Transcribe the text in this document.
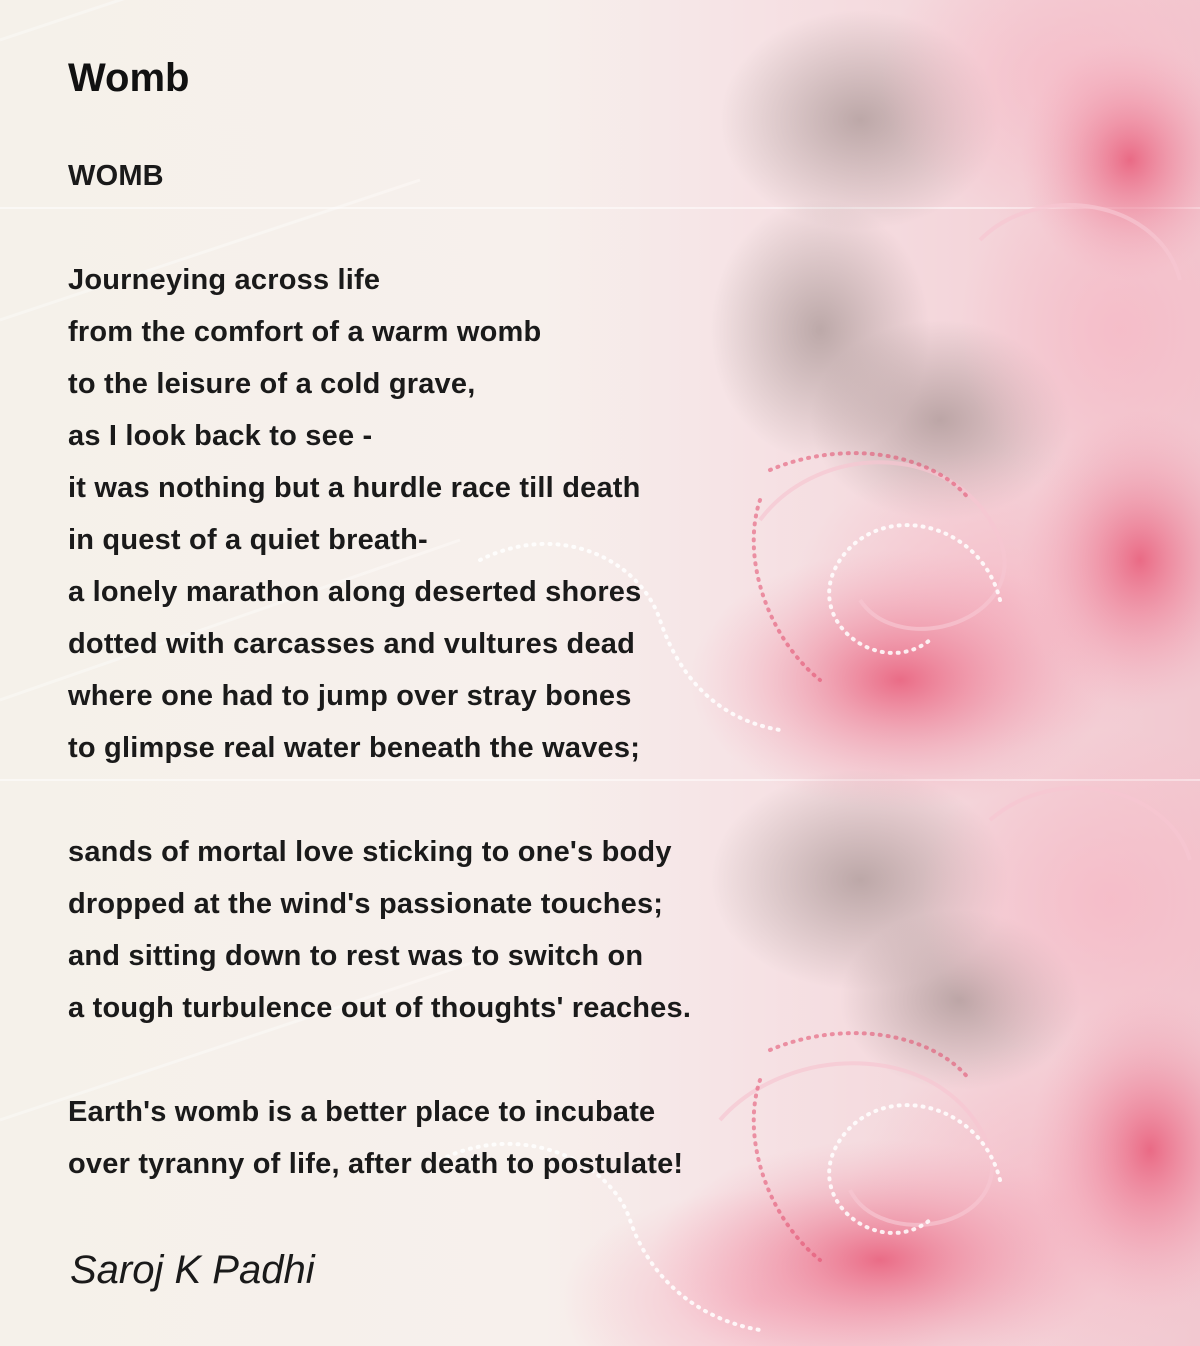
Womb
WOMB
Journeying across life
from the comfort of a warm womb
to the leisure of a cold grave,
as I look back to see -
it was nothing but a hurdle race till death
in quest of a quiet breath-
a lonely marathon along deserted shores
dotted with carcasses and vultures dead
where one had to jump over stray bones
to glimpse real water beneath the waves;
sands of mortal love sticking to one's body
dropped at the wind's passionate touches;
and sitting down to rest was to switch on
a tough turbulence out of thoughts' reaches.
Earth's womb is a better place to incubate
over tyranny of life, after death to postulate!

Saroj K Padhi
